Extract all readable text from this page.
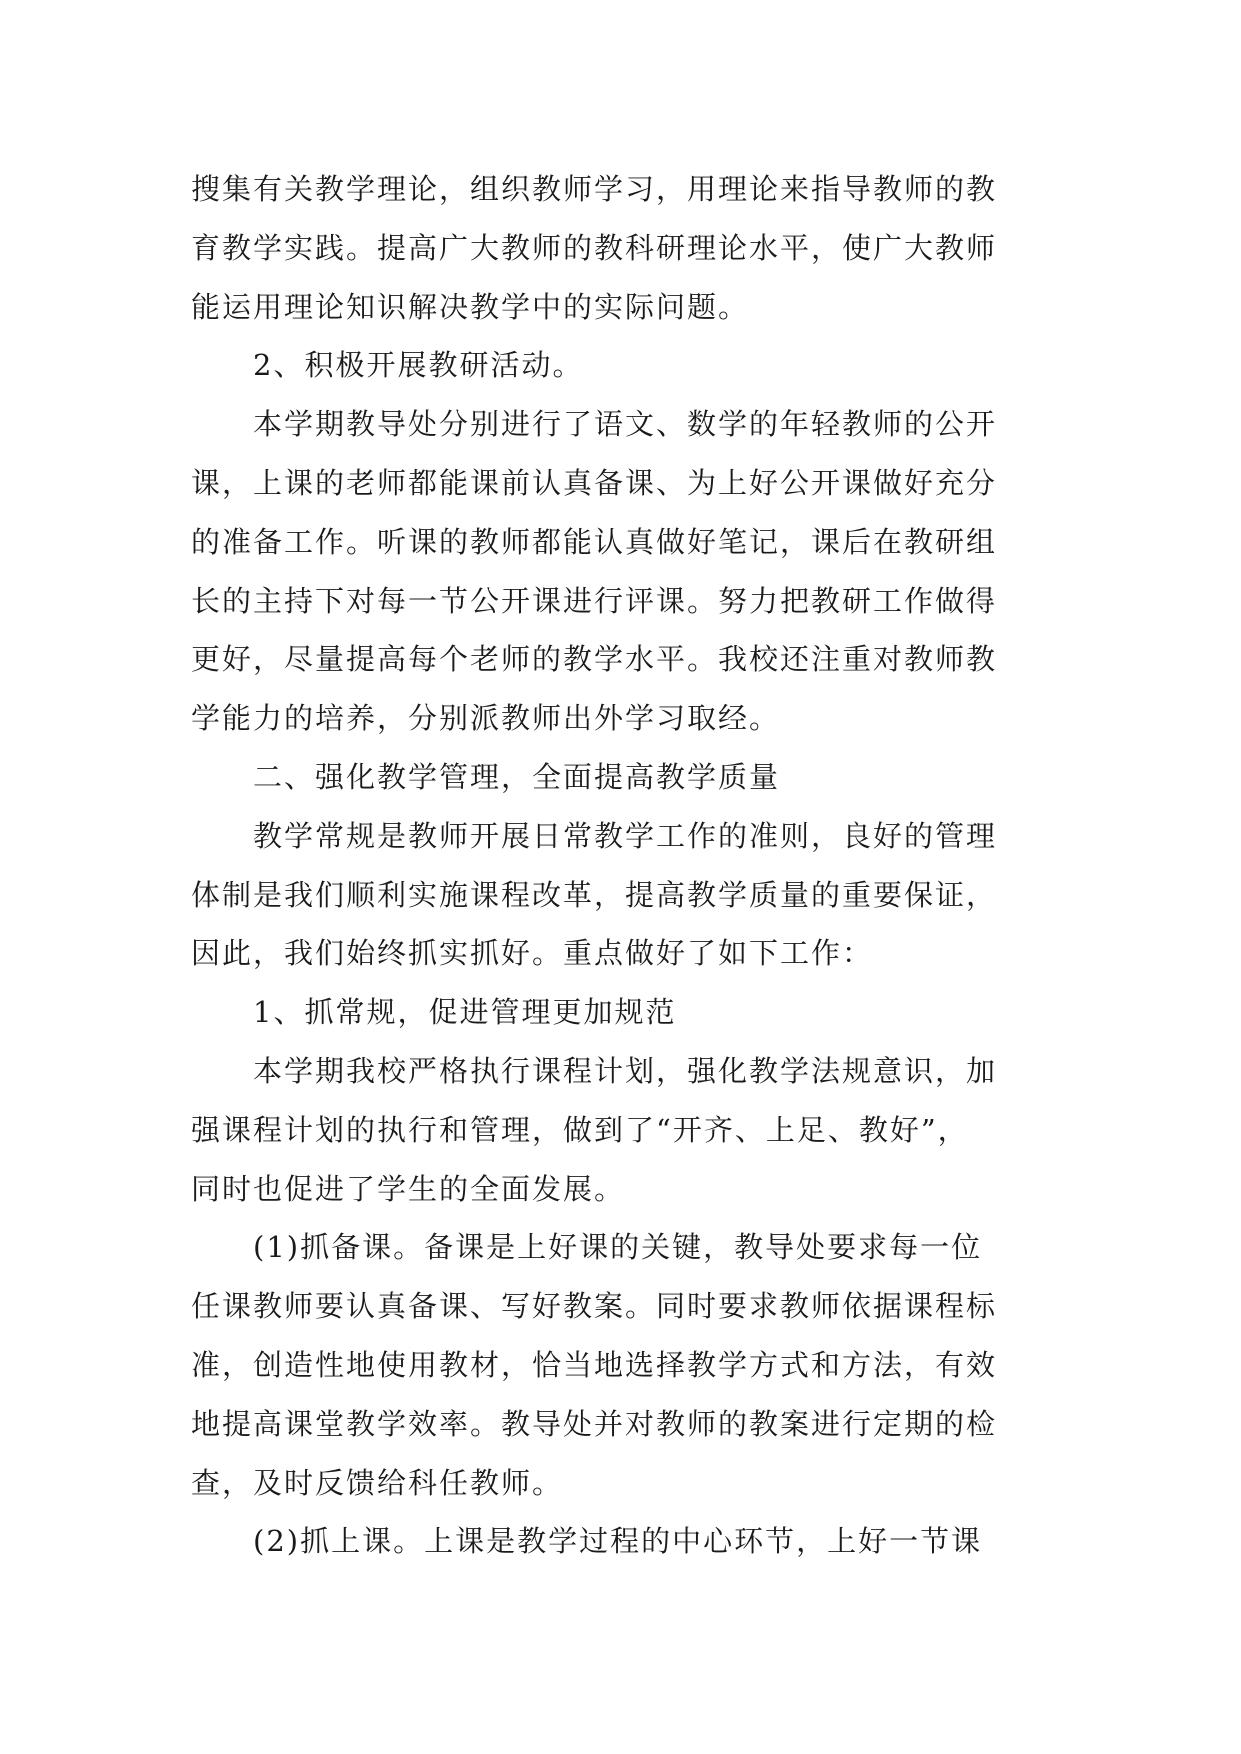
搜集有关教学理论，组织教师学习，用理论来指导教师的教
育教学实践。提高广大教师的教科研理论水平，使广大教师
能运用理论知识解决教学中的实际问题。

2、积极开展教研活动。

本学期教导处分别进行了语文、数学的年轻教师的公开
课，上课的老师都能课前认真备课、为上好公开课做好充分
的准备工作。听课的教师都能认真做好笔记，课后在教研组
长的主持下对每一节公开课进行评课。努力把教研工作做得
更好，尽量提高每个老师的教学水平。我校还注重对教师教
学能力的培养，分别派教师出外学习取经。

二、强化教学管理，全面提高教学质量

教学常规是教师开展日常教学工作的准则，良好的管理
体制是我们顺利实施课程改革，提高教学质量的重要保证，
因此，我们始终抓实抓好。重点做好了如下工作：

1、抓常规，促进管理更加规范

本学期我校严格执行课程计划，强化教学法规意识，加
强课程计划的执行和管理，做到了“开齐、上足、教好”，
同时也促进了学生的全面发展。

(1)抓备课。备课是上好课的关键，教导处要求每一位
任课教师要认真备课、写好教案。同时要求教师依据课程标
准，创造性地使用教材，恰当地选择教学方式和方法，有效
地提高课堂教学效率。教导处并对教师的教案进行定期的检
查，及时反馈给科任教师。

(2)抓上课。上课是教学过程的中心环节，上好一节课
